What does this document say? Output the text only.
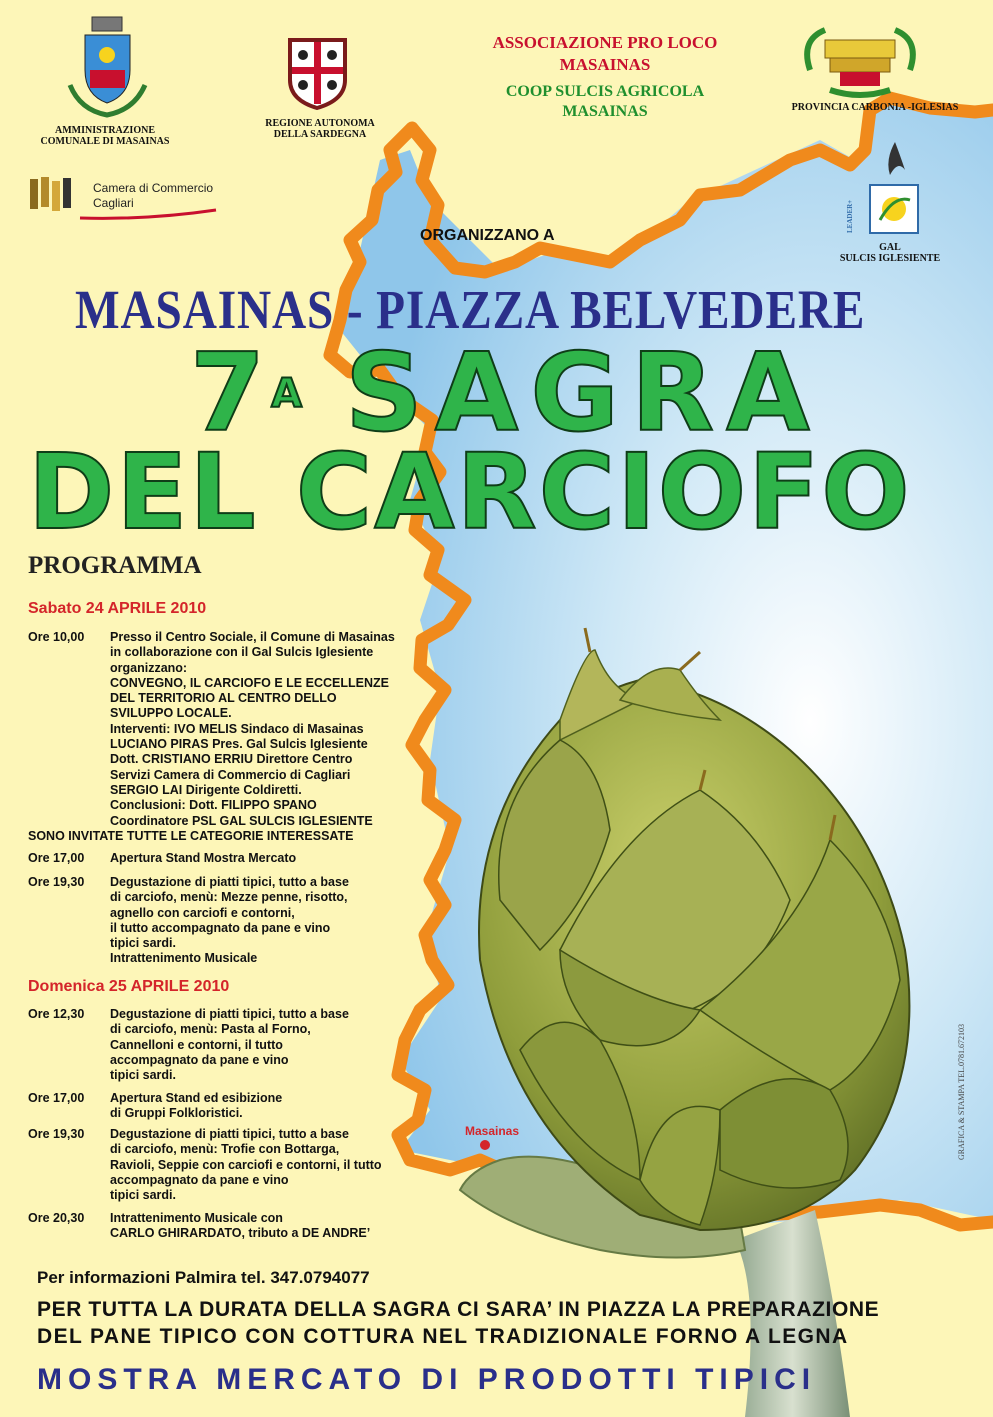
AMMINISTRAZIONE
COMUNALE DI MASAINAS
REGIONE AUTONOMA
DELLA SARDEGNA
ASSOCIAZIONE PRO LOCO
MASAINAS
COOP SULCIS AGRICOLA
MASAINAS	PROVINCIA CARBONIA -IGLESIAS
Camera di Commercio
Cagliari	LEADER+
GAL
SULCIS IGLESIENTE
ORGANIZZANO A
MASAINAS - PIAZZA BELVEDERE
$7^A$ SAGRA
DEL CARCIOFO
PROGRAMMA
Sabato 24 APRILE 2010
Ore 10,00	Presso il Centro Sociale, il Comune di Masainas
in collaborazione con il Gal Sulcis Iglesiente
organizzano:
CONVEGNO, IL CARCIOFO E LE ECCELLENZE
DEL TERRITORIO AL CENTRO DELLO
SVILUPPO LOCALE.
Interventi: IVO MELIS Sindaco di Masainas
LUCIANO PIRAS Pres. Gal Sulcis Iglesiente
Dott. CRISTIANO ERRIU Direttore Centro
Servizi Camera di Commercio di Cagliari
SERGIO LAI Dirigente Coldiretti.
Conclusioni: Dott. FILIPPO SPANO
Coordinatore PSL GAL SULCIS IGLESIENTE
SONO INVITATE TUTTE LE CATEGORIE INTERESSATE
Ore 17,00	Apertura Stand Mostra Mercato
Ore 19,30	Degustazione di piatti tipici, tutto a base
di carciofo, menù: Mezze penne, risotto,
agnello con carciofi e contorni,
il tutto accompagnato da pane e vino
tipici sardi.
Intrattenimento Musicale
Domenica 25 APRILE 2010
Ore 12,30	Degustazione di piatti tipici, tutto a base
di carciofo, menù: Pasta al Forno,
Cannelloni e contorni, il tutto
accompagnato da pane e vino
tipici sardi.
Ore 17,00	Apertura Stand ed esibizione
di Gruppi Folkloristici.
Ore 19,30	Degustazione di piatti tipici, tutto a base
di carciofo, menù: Trofie con Bottarga,
Ravioli, Seppie con carciofi e contorni, il tutto
accompagnato da pane e vino
tipici sardi.
Ore 20,30	Intrattenimento Musicale con
CARLO GHIRARDATO, tributo a DE ANDRE’
Masainas	GRAFICA & STAMPA TEL.0781.672103
Per informazioni Palmira tel. 347.0794077
PER TUTTA LA DURATA DELLA SAGRA CI SARA’ IN PIAZZA LA PREPARAZIONE
DEL PANE TIPICO CON COTTURA NEL TRADIZIONALE FORNO A LEGNA
MOSTRA MERCATO DI PRODOTTI TIPICI
